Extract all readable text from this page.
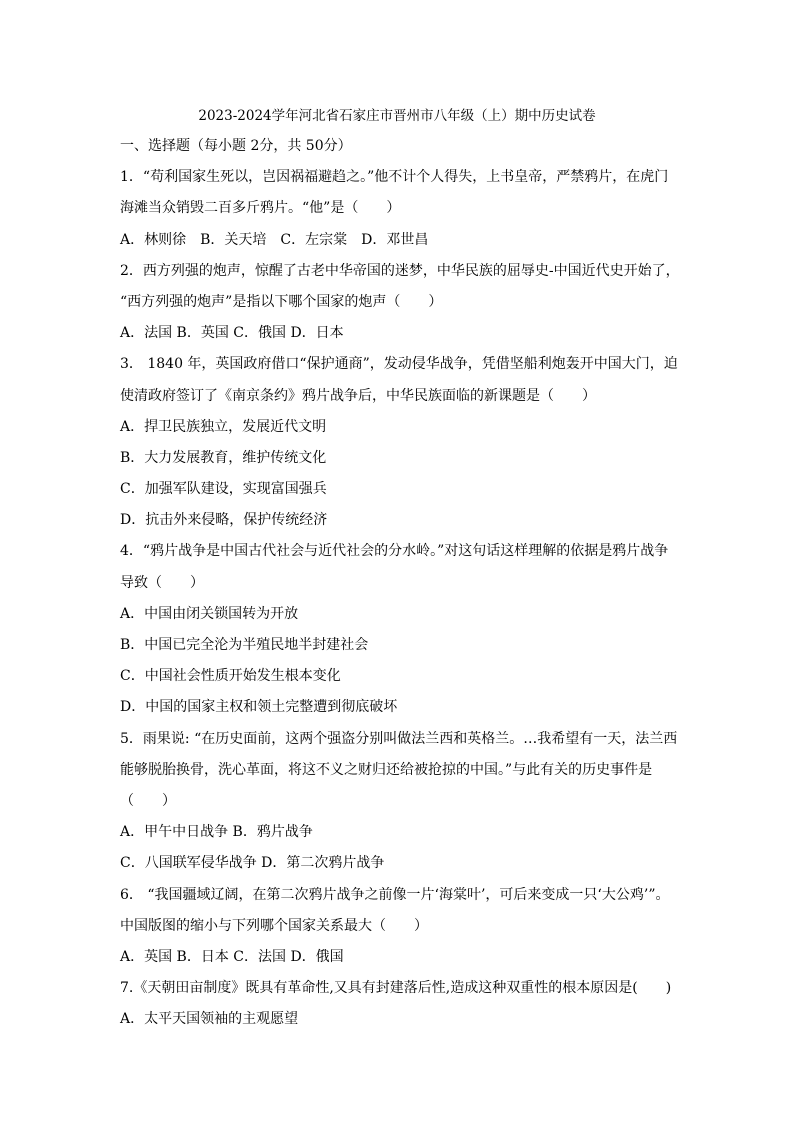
2023-2024学年河北省石家庄市晋州市八年级（上）期中历史试卷
一、选择题（每小题 2分，共 50分）
1．“苟利国家生死以，岂因祸福避趋之。”他不计个人得失，上书皇帝，严禁鸦片，在虎门
海滩当众销毁二百多斤鸦片。“他”是（　　）
A．林则徐　B．关天培　C．左宗棠　D．邓世昌
2．西方列强的炮声，惊醒了古老中华帝国的迷梦，中华民族的屈辱史-中国近代史开始了，
“西方列强的炮声”是指以下哪个国家的炮声（　　）
A．法国 B．英国 C．俄国 D．日本
3． 1840 年，英国政府借口“保护通商”，发动侵华战争，凭借坚船利炮轰开中国大门，迫
使清政府签订了《南京条约》鸦片战争后，中华民族面临的新课题是（　　）
A．捍卫民族独立，发展近代文明
B．大力发展教育，维护传统文化
C．加强军队建设，实现富国强兵
D．抗击外来侵略，保护传统经济
4．“鸦片战争是中国古代社会与近代社会的分水岭。”对这句话这样理解的依据是鸦片战争
导致（　　）
A．中国由闭关锁国转为开放
B．中国已完全沦为半殖民地半封建社会
C．中国社会性质开始发生根本变化
D．中国的国家主权和领土完整遭到彻底破坏
5．雨果说: “在历史面前，这两个强盗分别叫做法兰西和英格兰。…我希望有一天，法兰西
能够脱胎换骨，洗心革面，将这不义之财归还给被抢掠的中国。”与此有关的历史事件是
（　　）
A．甲午中日战争 B．鸦片战争
C．八国联军侵华战争 D．第二次鸦片战争
6． “我国疆域辽阔，在第二次鸦片战争之前像一片‘海棠叶’，可后来变成一只‘大公鸡’”。
中国版图的缩小与下列哪个国家关系最大（　　）
A．英国 B．日本 C．法国 D．俄国
7.《天朝田亩制度》既具有革命性,又具有封建落后性,造成这种双重性的根本原因是(　　)
A．太平天国领袖的主观愿望
